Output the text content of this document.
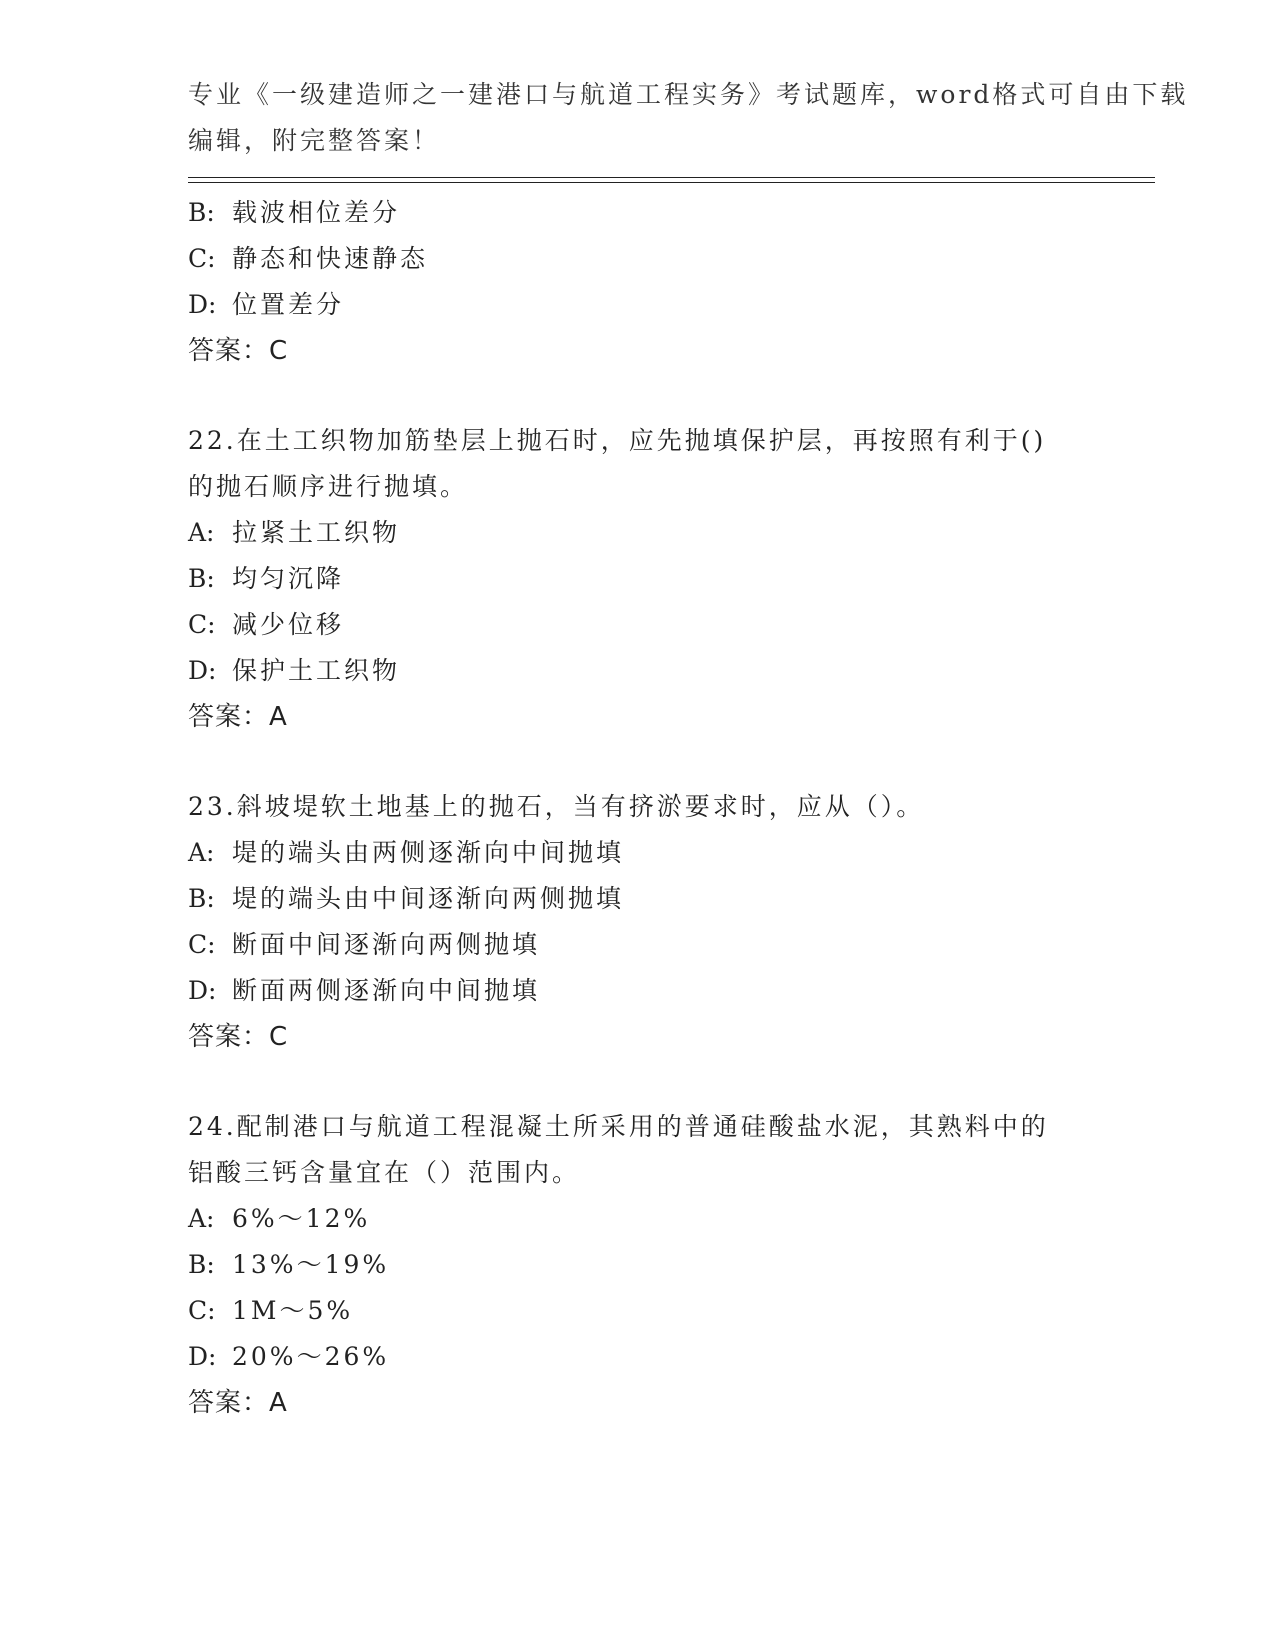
专业《一级建造师之一建港口与航道工程实务》考试题库，word格式可自由下载
编辑，附完整答案！
B: 载波相位差分
C: 静态和快速静态
D: 位置差分
答案：C
22.在土工织物加筋垫层上抛石时，应先抛填保护层，再按照有利于()
的抛石顺序进行抛填。
A: 拉紧土工织物
B: 均匀沉降
C: 减少位移
D: 保护土工织物
答案：A
23.斜坡堤软土地基上的抛石，当有挤淤要求时，应从（）。
A: 堤的端头由两侧逐渐向中间抛填
B: 堤的端头由中间逐渐向两侧抛填
C: 断面中间逐渐向两侧抛填
D: 断面两侧逐渐向中间抛填
答案：C
24.配制港口与航道工程混凝土所采用的普通硅酸盐水泥，其熟料中的
铝酸三钙含量宜在（）范围内。
A: 6%～12%
B: 13%～19%
C: 1M～5%
D: 20%～26%
答案：A
